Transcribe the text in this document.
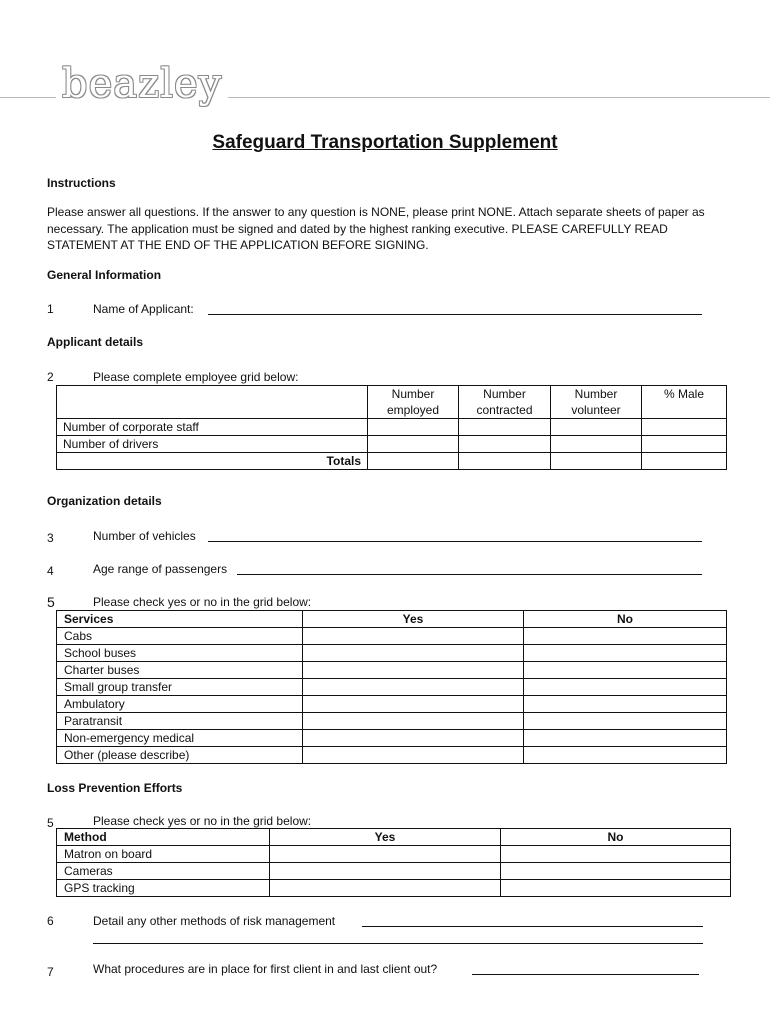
beazley
Safeguard Transportation Supplement
Instructions
Please answer all questions. If the answer to any question is NONE, please print NONE. Attach separate sheets of paper as necessary. The application must be signed and dated by the highest ranking executive. PLEASE CAREFULLY READ STATEMENT AT THE END OF THE APPLICATION BEFORE SIGNING.
General Information
1	Name of Applicant:
Applicant details
2	Please complete employee grid below:
	Number employed	Number contracted	Number volunteer	% Male
Number of corporate staff				
Number of drivers				
Totals				
Organization details
3	Number of vehicles
4	Age range of passengers
5	Please check yes or no in the grid below:
Services	Yes	No
Cabs		
School buses		
Charter buses		
Small group transfer		
Ambulatory		
Paratransit		
Non-emergency medical		
Other (please describe)		
Loss Prevention Efforts
5	Please check yes or no in the grid below:
Method	Yes	No
Matron on board		
Cameras		
GPS tracking		
6	Detail any other methods of risk management
7	What procedures are in place for first client in and last client out?
